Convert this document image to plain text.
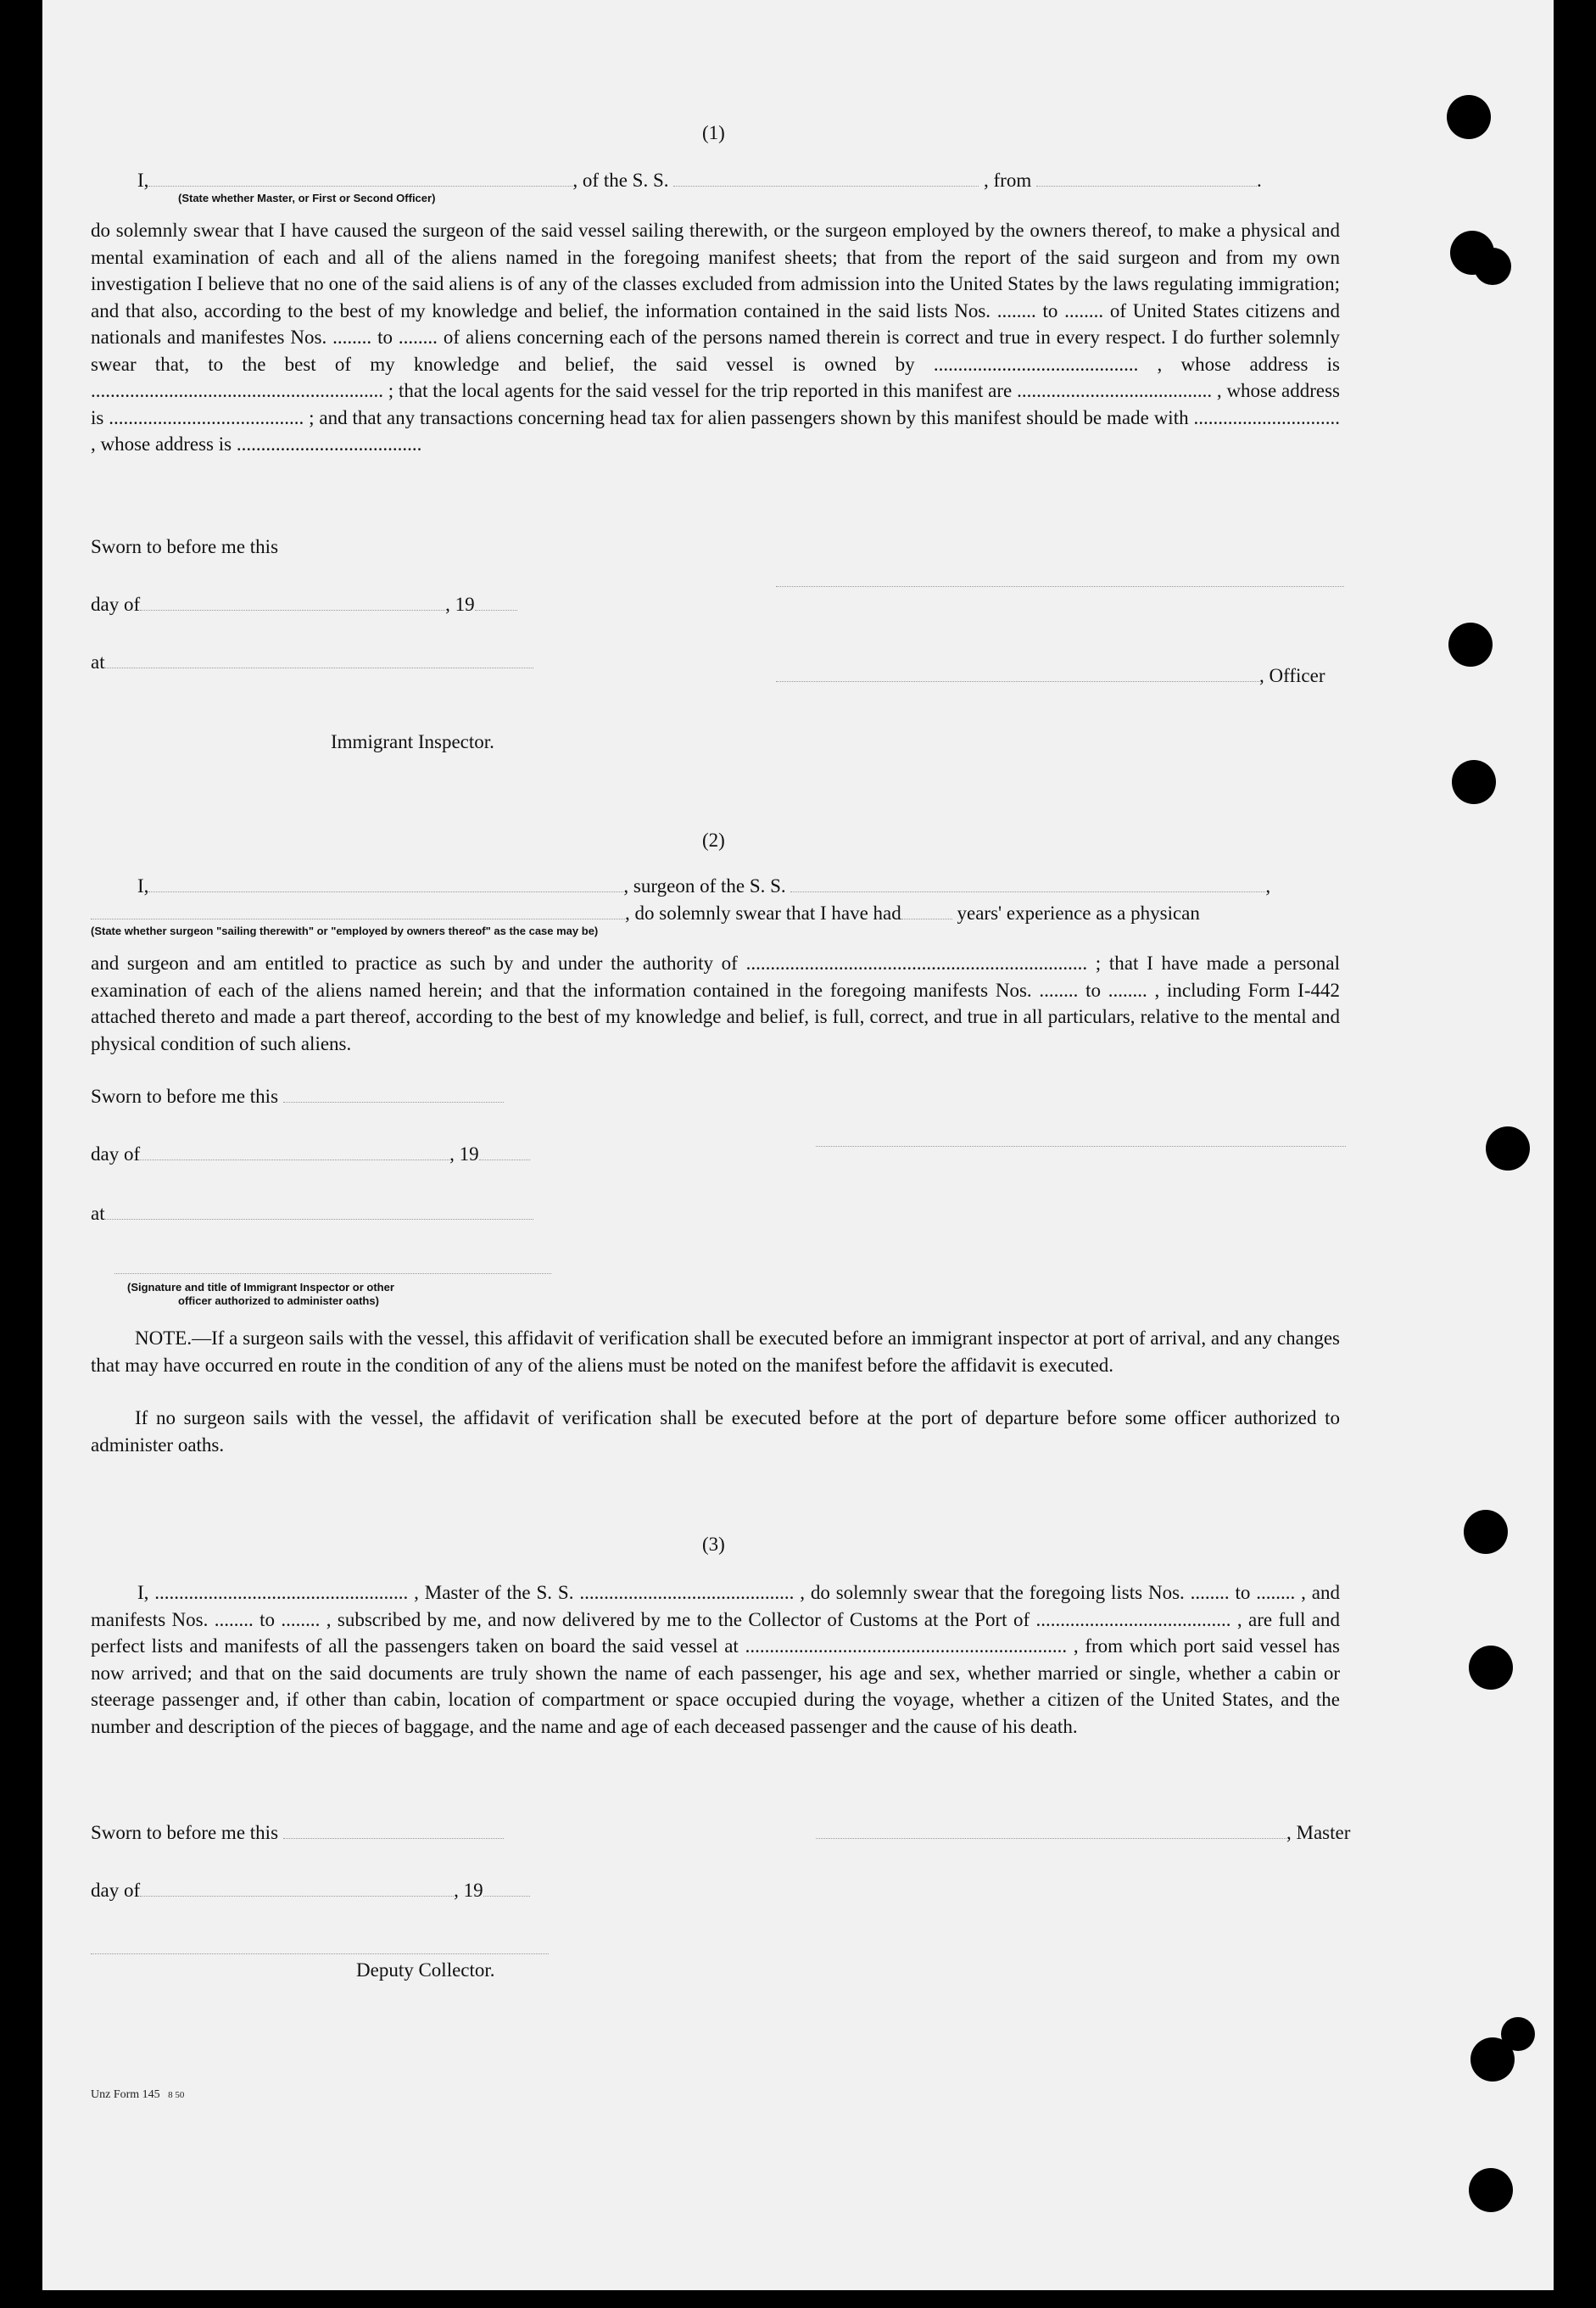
(1)
I,	, of the S. S.	, from	.
(State whether Master, or First or Second Officer)
do solemnly swear that I have caused the surgeon of the said vessel sailing therewith, or the surgeon employed by the owners thereof, to make a physical and mental examination of each and all of the aliens named in the foregoing manifest sheets; that from the report of the said surgeon and from my own investigation I believe that no one of the said aliens is of any of the classes excluded from admission into the United States by the laws regulating immigration; and that also, according to the best of my knowledge and belief, the information contained in the said lists Nos. ........ to ........ of United States citizens and nationals and manifestes Nos. ........ to ........ of aliens concerning each of the persons named therein is correct and true in every respect. I do further solemnly swear that, to the best of my knowledge and belief, the said vessel is owned by .......................................... , whose address is ............................................................ ; that the local agents for the said vessel for the trip reported in this manifest are ........................................ , whose address is ........................................ ; and that any transactions concerning head tax for alien passengers shown by this manifest should be made with .............................. , whose address is ......................................
Sworn to before me this
day of	, 19
at
, Officer
Immigrant Inspector.
(2)
I,	, surgeon of the S. S.	,
, do solemnly swear that I have had	years' experience as a physican
(State whether surgeon "sailing therewith" or "employed by owners thereof" as the case may be)
and surgeon and am entitled to practice as such by and under the authority of ...................................................................... ; that I have made a personal examination of each of the aliens named herein; and that the information contained in the foregoing manifests Nos. ........ to ........ , including Form I-442 attached thereto and made a part thereof, according to the best of my knowledge and belief, is full, correct, and true in all particulars, relative to the mental and physical condition of such aliens.
Sworn to before me this
day of	, 19
at
(Signature and title of Immigrant Inspector or other
officer authorized to administer oaths)
NOTE.—If a surgeon sails with the vessel, this affidavit of verification shall be executed before an immigrant inspector at port of arrival, and any changes that may have occurred en route in the condition of any of the aliens must be noted on the manifest before the affidavit is executed.
If no surgeon sails with the vessel, the affidavit of verification shall be executed before at the port of departure before some officer authorized to administer oaths.
(3)
I, .................................................... , Master of the S. S. ............................................ , do solemnly swear that the foregoing lists Nos. ........ to ........ , and manifests Nos. ........ to ........ , subscribed by me, and now delivered by me to the Collector of Customs at the Port of ........................................ , are full and perfect lists and manifests of all the passengers taken on board the said vessel at .................................................................. , from which port said vessel has now arrived; and that on the said documents are truly shown the name of each passenger, his age and sex, whether married or single, whether a cabin or steerage passenger and, if other than cabin, location of compartment or space occupied during the voyage, whether a citizen of the United States, and the number and description of the pieces of baggage, and the name and age of each deceased passenger and the cause of his death.
Sworn to before me this	, Master
day of	, 19
Deputy Collector.
Unz Form 145 8 50
